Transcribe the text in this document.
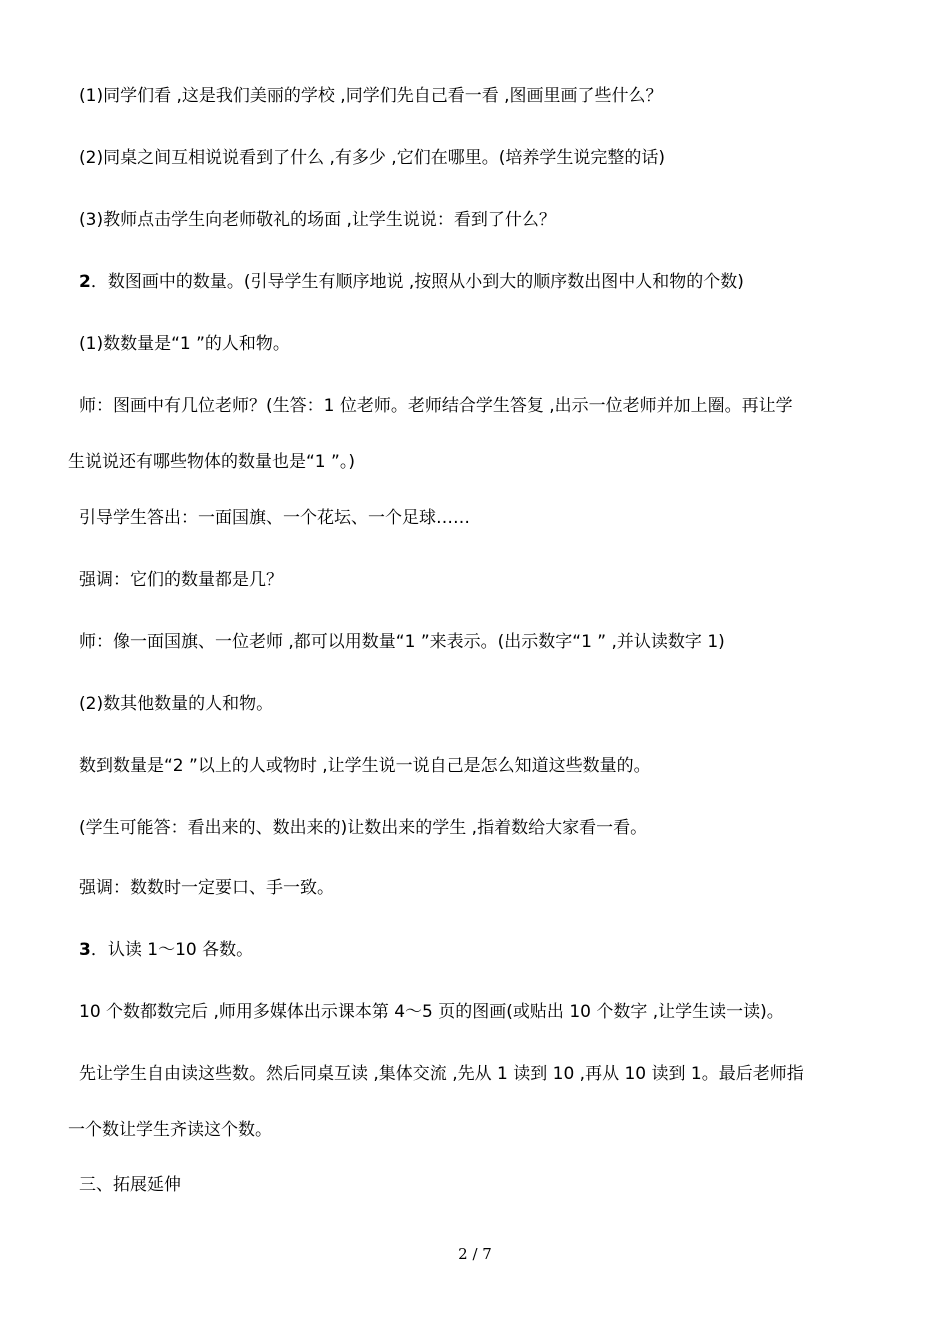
(1)同学们看 ,这是我们美丽的学校 ,同学们先自己看一看 ,图画里画了些什么？

(2)同桌之间互相说说看到了什么 ,有多少 ,它们在哪里。(培养学生说完整的话)

(3)教师点击学生向老师敬礼的场面 ,让学生说说：看到了什么？

2．数图画中的数量。(引导学生有顺序地说 ,按照从小到大的顺序数出图中人和物的个数)

(1)数数量是“1 ”的人和物。

师：图画中有几位老师？(生答：1 位老师。老师结合学生答复 ,出示一位老师并加上圈。再让学
生说说还有哪些物体的数量也是“1 ”。)

引导学生答出：一面国旗、一个花坛、一个足球……

强调：它们的数量都是几？

师：像一面国旗、一位老师 ,都可以用数量“1 ”来表示。(出示数字“1 ” ,并认读数字 1)

(2)数其他数量的人和物。

数到数量是“2 ”以上的人或物时 ,让学生说一说自己是怎么知道这些数量的。

(学生可能答：看出来的、数出来的)让数出来的学生 ,指着数给大家看一看。

强调：数数时一定要口、手一致。

3．认读 1～10 各数。

10 个数都数完后 ,师用多媒体出示课本第 4～5 页的图画(或贴出 10 个数字 ,让学生读一读)。

先让学生自由读这些数。然后同桌互读 ,集体交流 ,先从 1 读到 10 ,再从 10 读到 1。最后老师指
一个数让学生齐读这个数。

三、拓展延伸

2 / 7
